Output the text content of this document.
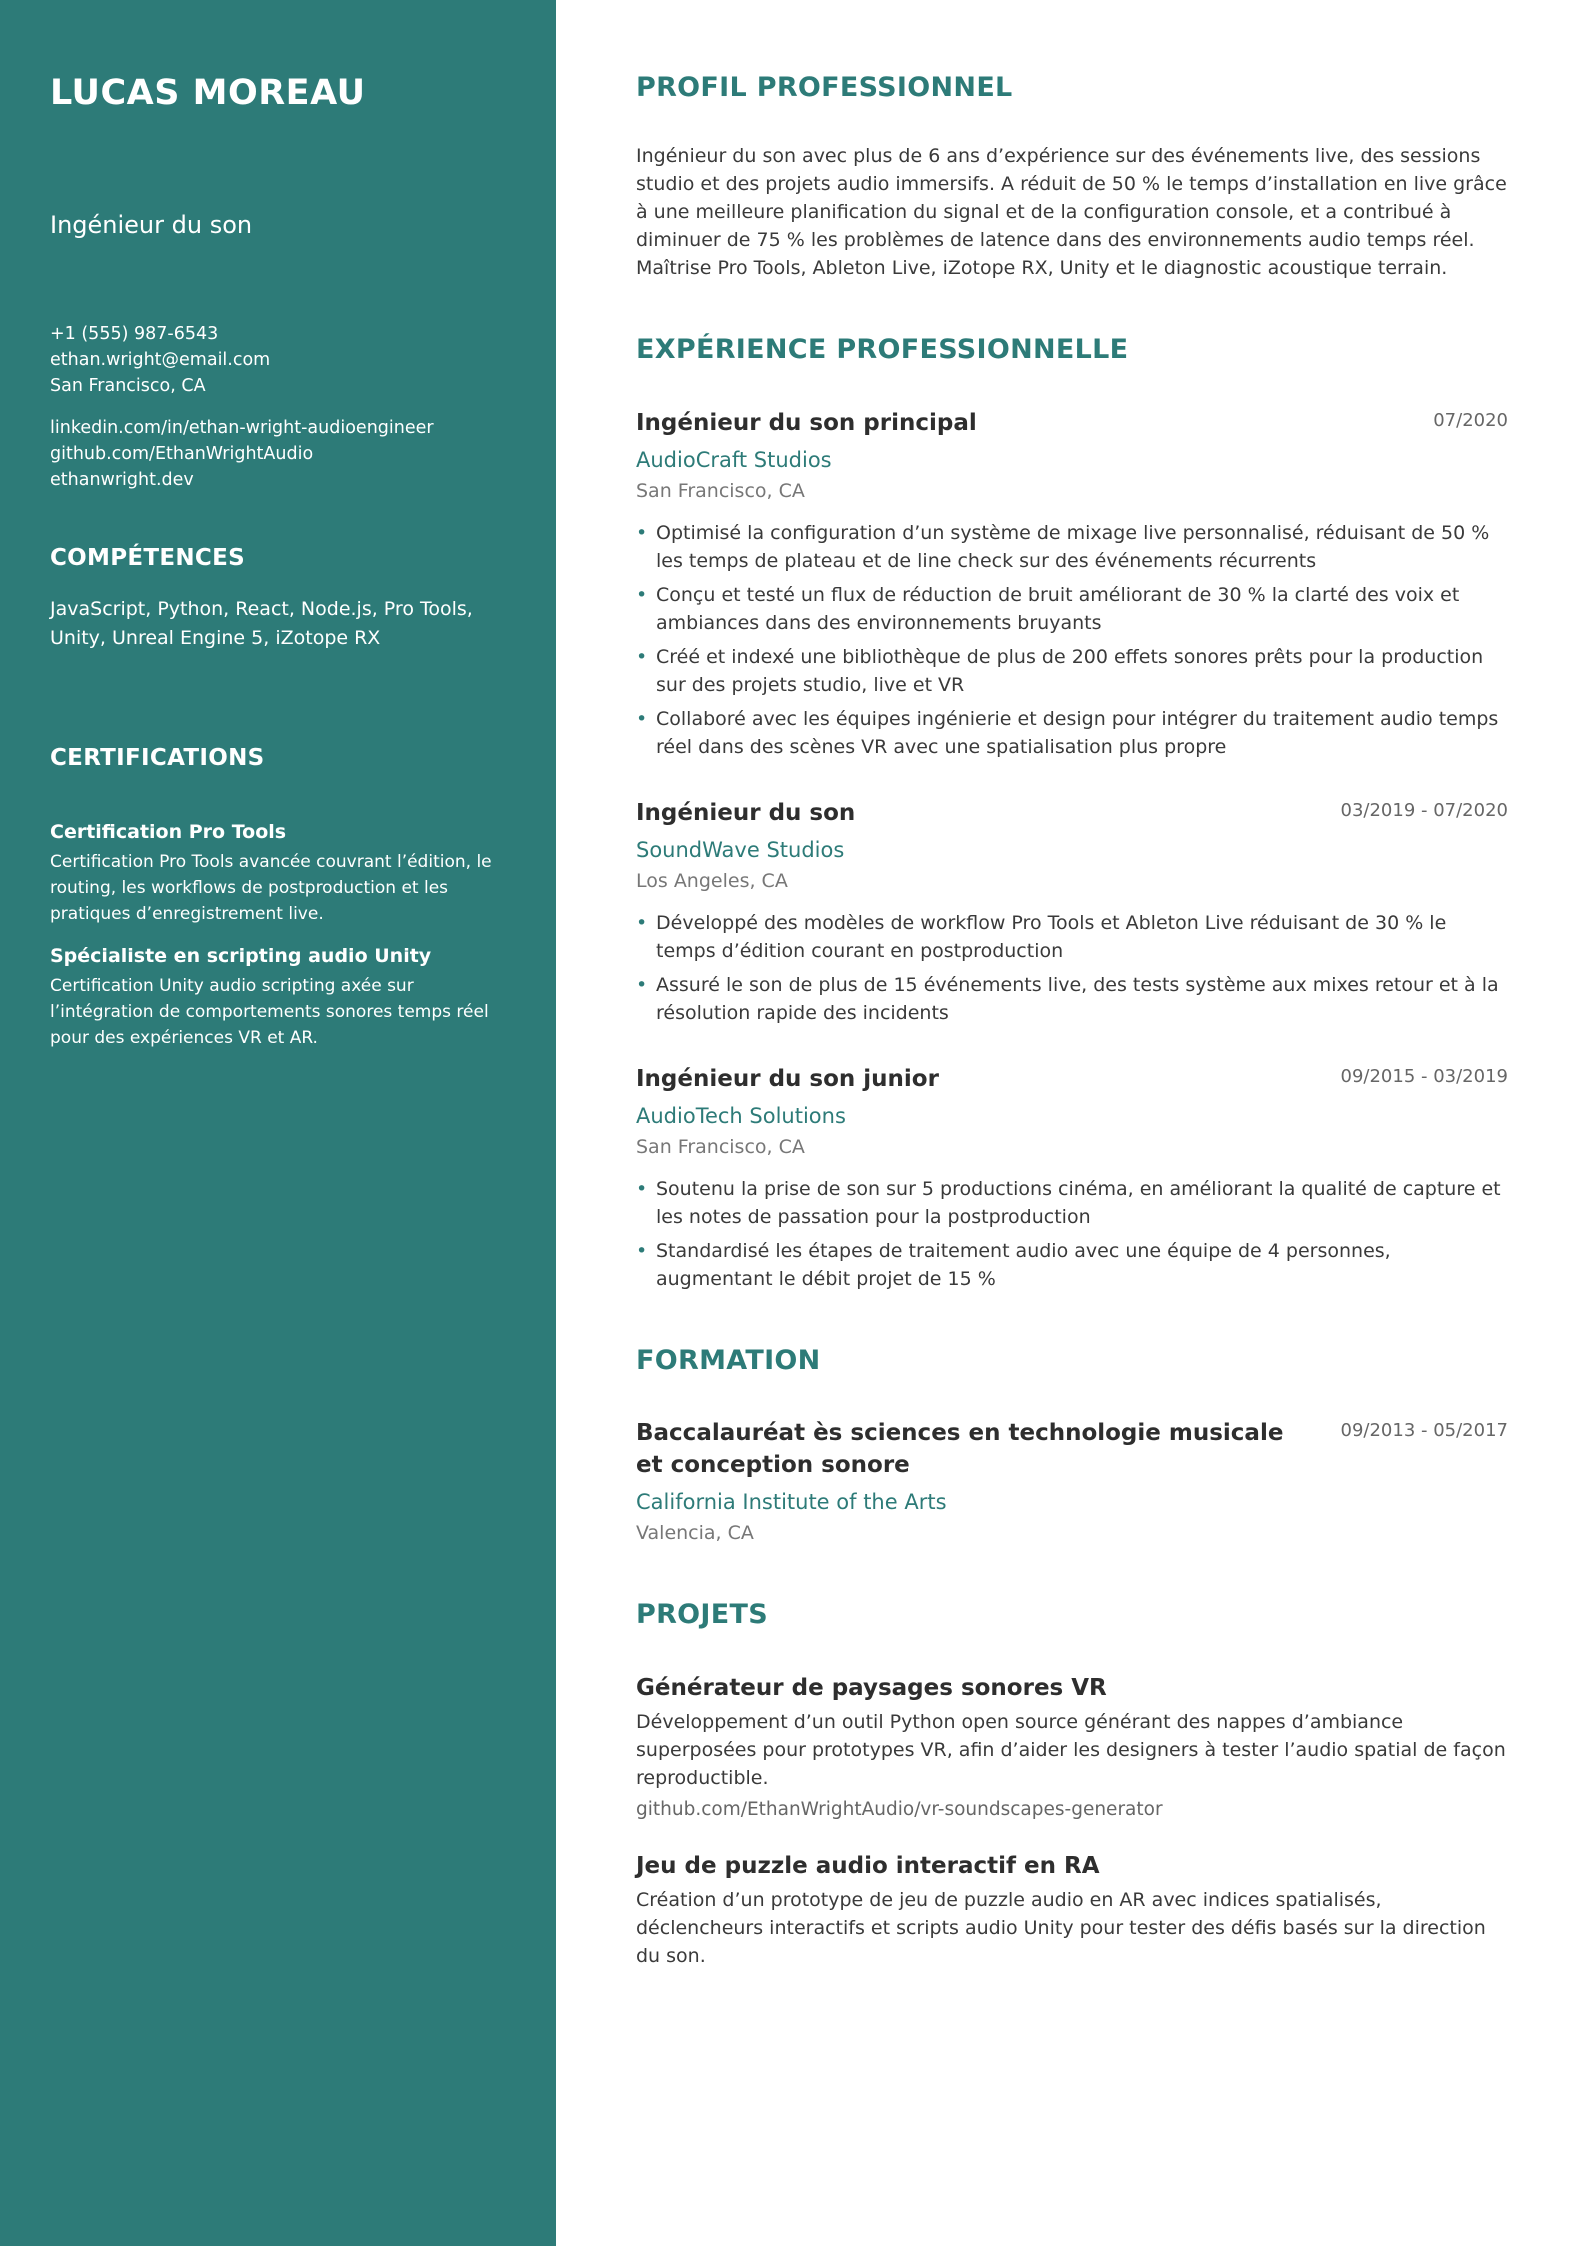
LUCAS MOREAU
Ingénieur du son
+1 (555) 987-6543
ethan.wright@email.com
San Francisco, CA
linkedin.com/in/ethan-wright-audioengineer
github.com/EthanWrightAudio
ethanwright.dev
COMPÉTENCES

JavaScript, Python, React, Node.js, Pro Tools, Unity, Unreal Engine 5, iZotope RX

CERTIFICATIONS
Certification Pro Tools
Certification Pro Tools avancée couvrant l’édition, le routing, les workflows de postproduction et les pratiques d’enregistrement live.
Spécialiste en scripting audio Unity
Certification Unity audio scripting axée sur l’intégration de comportements sonores temps réel pour des expériences VR et AR.
PROFIL PROFESSIONNEL

Ingénieur du son avec plus de 6 ans d’expérience sur des événements live, des sessions studio et des projets audio immersifs. A réduit de 50 % le temps d’installation en live grâce à une meilleure planification du signal et de la configuration console, et a contribué à diminuer de 75 % les problèmes de latence dans des environnements audio temps réel. Maîtrise Pro Tools, Ableton Live, iZotope RX, Unity et le diagnostic acoustique terrain.

EXPÉRIENCE PROFESSIONNELLE
Ingénieur du son principal	07/2020
AudioCraft Studios
San Francisco, CA
• Optimisé la configuration d’un système de mixage live personnalisé, réduisant de 50 % les temps de plateau et de line check sur des événements récurrents
• Conçu et testé un flux de réduction de bruit améliorant de 30 % la clarté des voix et ambiances dans des environnements bruyants
• Créé et indexé une bibliothèque de plus de 200 effets sonores prêts pour la production sur des projets studio, live et VR
• Collaboré avec les équipes ingénierie et design pour intégrer du traitement audio temps réel dans des scènes VR avec une spatialisation plus propre
Ingénieur du son	03/2019 - 07/2020
SoundWave Studios
Los Angeles, CA
• Développé des modèles de workflow Pro Tools et Ableton Live réduisant de 30 % le temps d’édition courant en postproduction
• Assuré le son de plus de 15 événements live, des tests système aux mixes retour et à la résolution rapide des incidents
Ingénieur du son junior	09/2015 - 03/2019
AudioTech Solutions
San Francisco, CA
• Soutenu la prise de son sur 5 productions cinéma, en améliorant la qualité de capture et les notes de passation pour la postproduction
• Standardisé les étapes de traitement audio avec une équipe de 4 personnes, augmentant le débit projet de 15 %
FORMATION
Baccalauréat ès sciences en technologie musicale et conception sonore
09/2013 - 05/2017
California Institute of the Arts
Valencia, CA
PROJETS
Générateur de paysages sonores VR
Développement d’un outil Python open source générant des nappes d’ambiance superposées pour prototypes VR, afin d’aider les designers à tester l’audio spatial de façon reproductible.
github.com/EthanWrightAudio/vr-soundscapes-generator
Jeu de puzzle audio interactif en RA
Création d’un prototype de jeu de puzzle audio en AR avec indices spatialisés, déclencheurs interactifs et scripts audio Unity pour tester des défis basés sur la direction du son.
